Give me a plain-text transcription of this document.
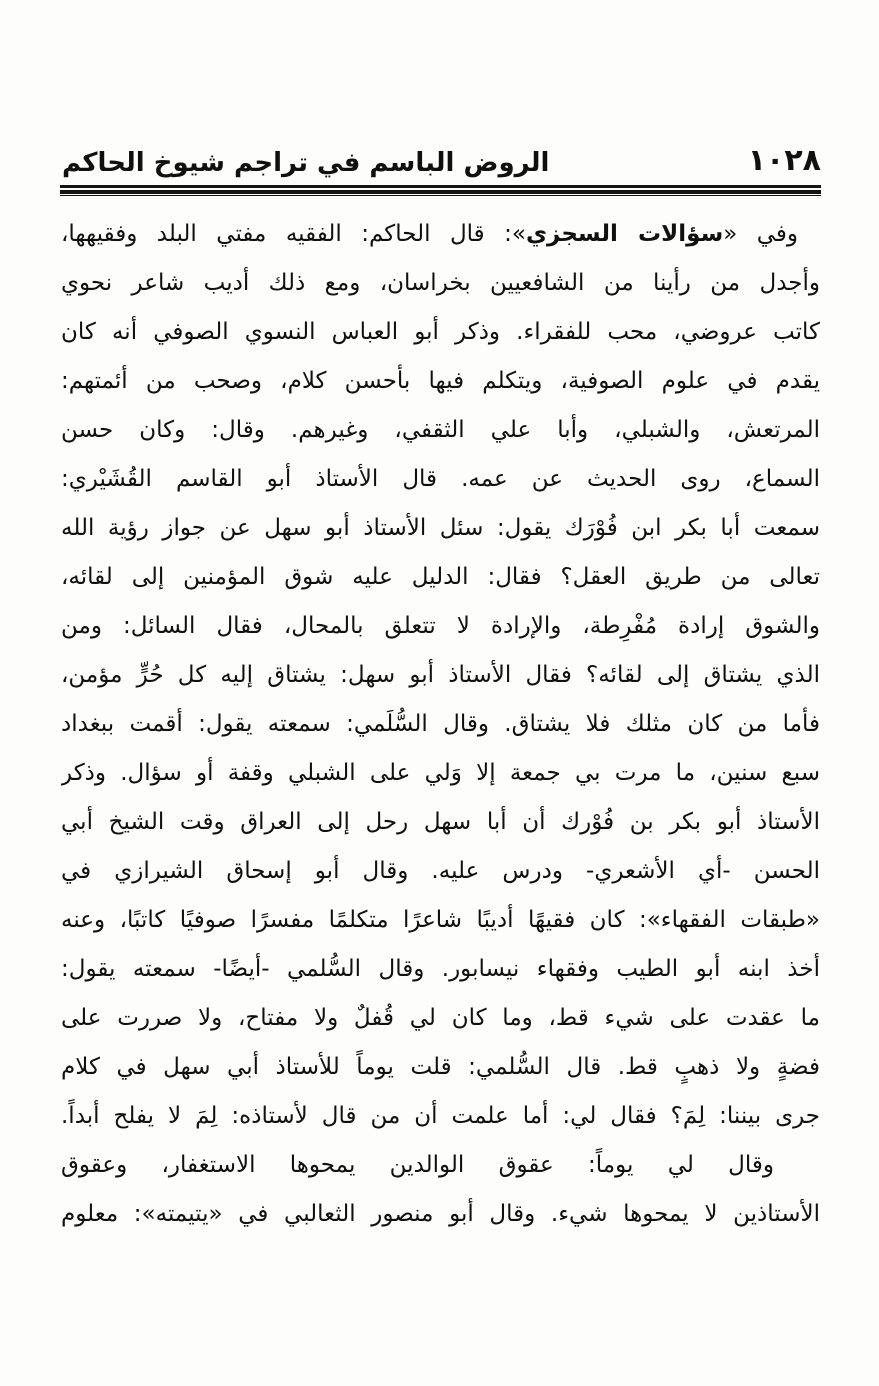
١٠٢٨
الروض الباسم في تراجم شيوخ الحاكم
وفي «سؤالات السجزي»: قال الحاكم: الفقيه مفتي البلد وفقيهها،
وأجدل من رأينا من الشافعيين بخراسان، ومع ذلك أديب شاعر نحوي
كاتب عروضي، محب للفقراء. وذكر أبو العباس النسوي الصوفي أنه كان
يقدم في علوم الصوفية، ويتكلم فيها بأحسن كلام، وصحب من أئمتهم:
المرتعش، والشبلي، وأبا علي الثقفي، وغيرهم. وقال: وكان حسن
السماع، روى الحديث عن عمه. قال الأستاذ أبو القاسم القُشَيْري:
سمعت أبا بكر ابن فُوْرَك يقول: سئل الأستاذ أبو سهل عن جواز رؤية الله
تعالى من طريق العقل؟ فقال: الدليل عليه شوق المؤمنين إلى لقائه،
والشوق إرادة مُفْرِطة، والإرادة لا تتعلق بالمحال، فقال السائل: ومن
الذي يشتاق إلى لقائه؟ فقال الأستاذ أبو سهل: يشتاق إليه كل حُرٍّ مؤمن،
فأما من كان مثلك فلا يشتاق. وقال السُّلَمي: سمعته يقول: أقمت ببغداد
سبع سنين، ما مرت بي جمعة إلا وَلي على الشبلي وقفة أو سؤال. وذكر
الأستاذ أبو بكر بن فُوْرك أن أبا سهل رحل إلى العراق وقت الشيخ أبي
الحسن -أي الأشعري- ودرس عليه. وقال أبو إسحاق الشيرازي في
«طبقات الفقهاء»: كان فقيهًا أديبًا شاعرًا متكلمًا مفسرًا صوفيًا كاتبًا، وعنه
أخذ ابنه أبو الطيب وفقهاء نيسابور. وقال السُّلمي -أيضًا- سمعته يقول:
ما عقدت على شيء قط، وما كان لي قُفلٌ ولا مفتاح، ولا صررت على
فضةٍ ولا ذهبٍ قط. قال السُّلمي: قلت يوماً للأستاذ أبي سهل في كلام
جرى بيننا: لِمَ؟ فقال لي: أما علمت أن من قال لأستاذه: لِمَ لا يفلح أبداً.
وقال لي يوماً: عقوق الوالدين يمحوها الاستغفار، وعقوق
الأستاذين لا يمحوها شيء. وقال أبو منصور الثعالبي في «يتيمته»: معلوم
